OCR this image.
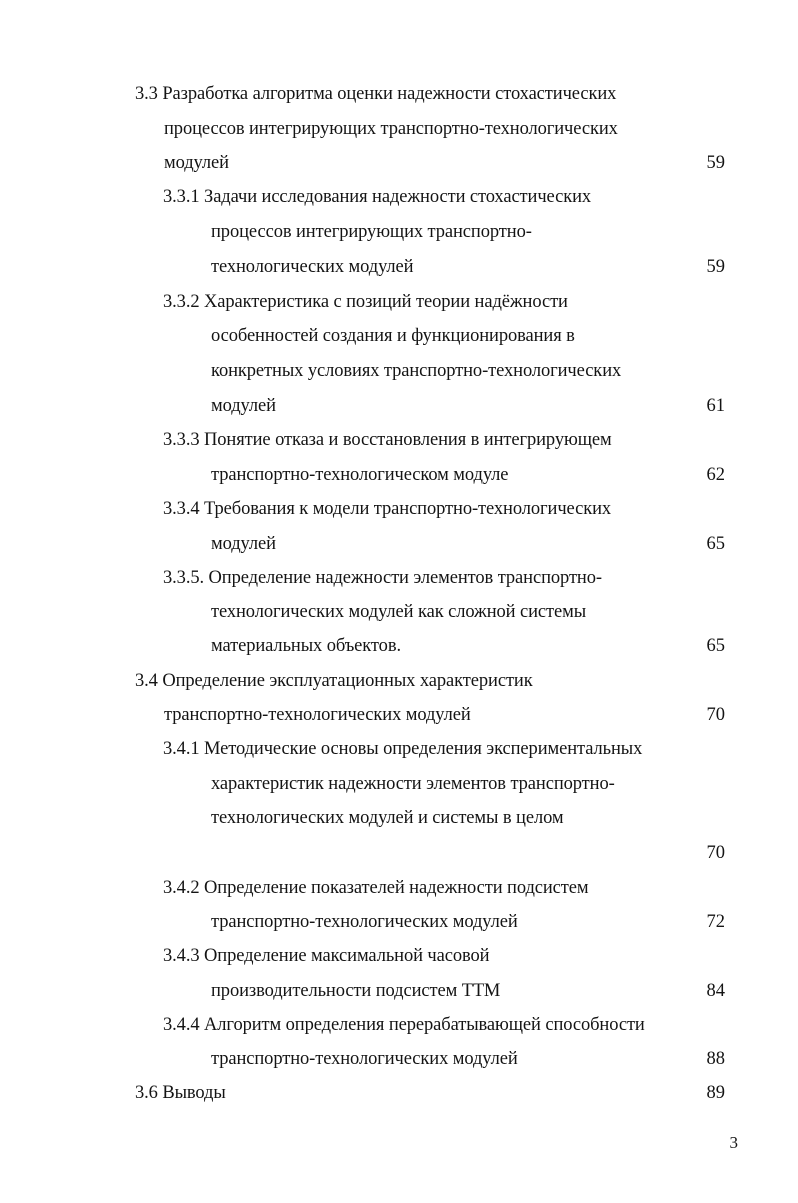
3.3 Разработка алгоритма оценки надежности стохастических
процессов интегрирующих транспортно-технологических
модулей	59
3.3.1 Задачи исследования надежности стохастических
процессов интегрирующих транспортно-
технологических модулей	59
3.3.2 Характеристика с позиций теории надёжности
особенностей создания и функционирования в
конкретных условиях транспортно-технологических
модулей	61
3.3.3 Понятие отказа и восстановления в интегрирующем
транспортно-технологическом модуле	62
3.3.4 Требования к модели транспортно-технологических
модулей	65
3.3.5. Определение надежности элементов транспортно-
технологических модулей как сложной системы
материальных объектов.	65
3.4 Определение эксплуатационных характеристик
транспортно-технологических модулей	70
3.4.1 Методические основы определения экспериментальных
характеристик надежности элементов транспортно-
технологических модулей и системы в целом
70
3.4.2 Определение показателей надежности подсистем
транспортно-технологических модулей	72
3.4.3 Определение максимальной часовой
производительности подсистем ТТМ	84
3.4.4 Алгоритм определения перерабатывающей способности
транспортно-технологических модулей	88
3.6 Выводы	89
3
